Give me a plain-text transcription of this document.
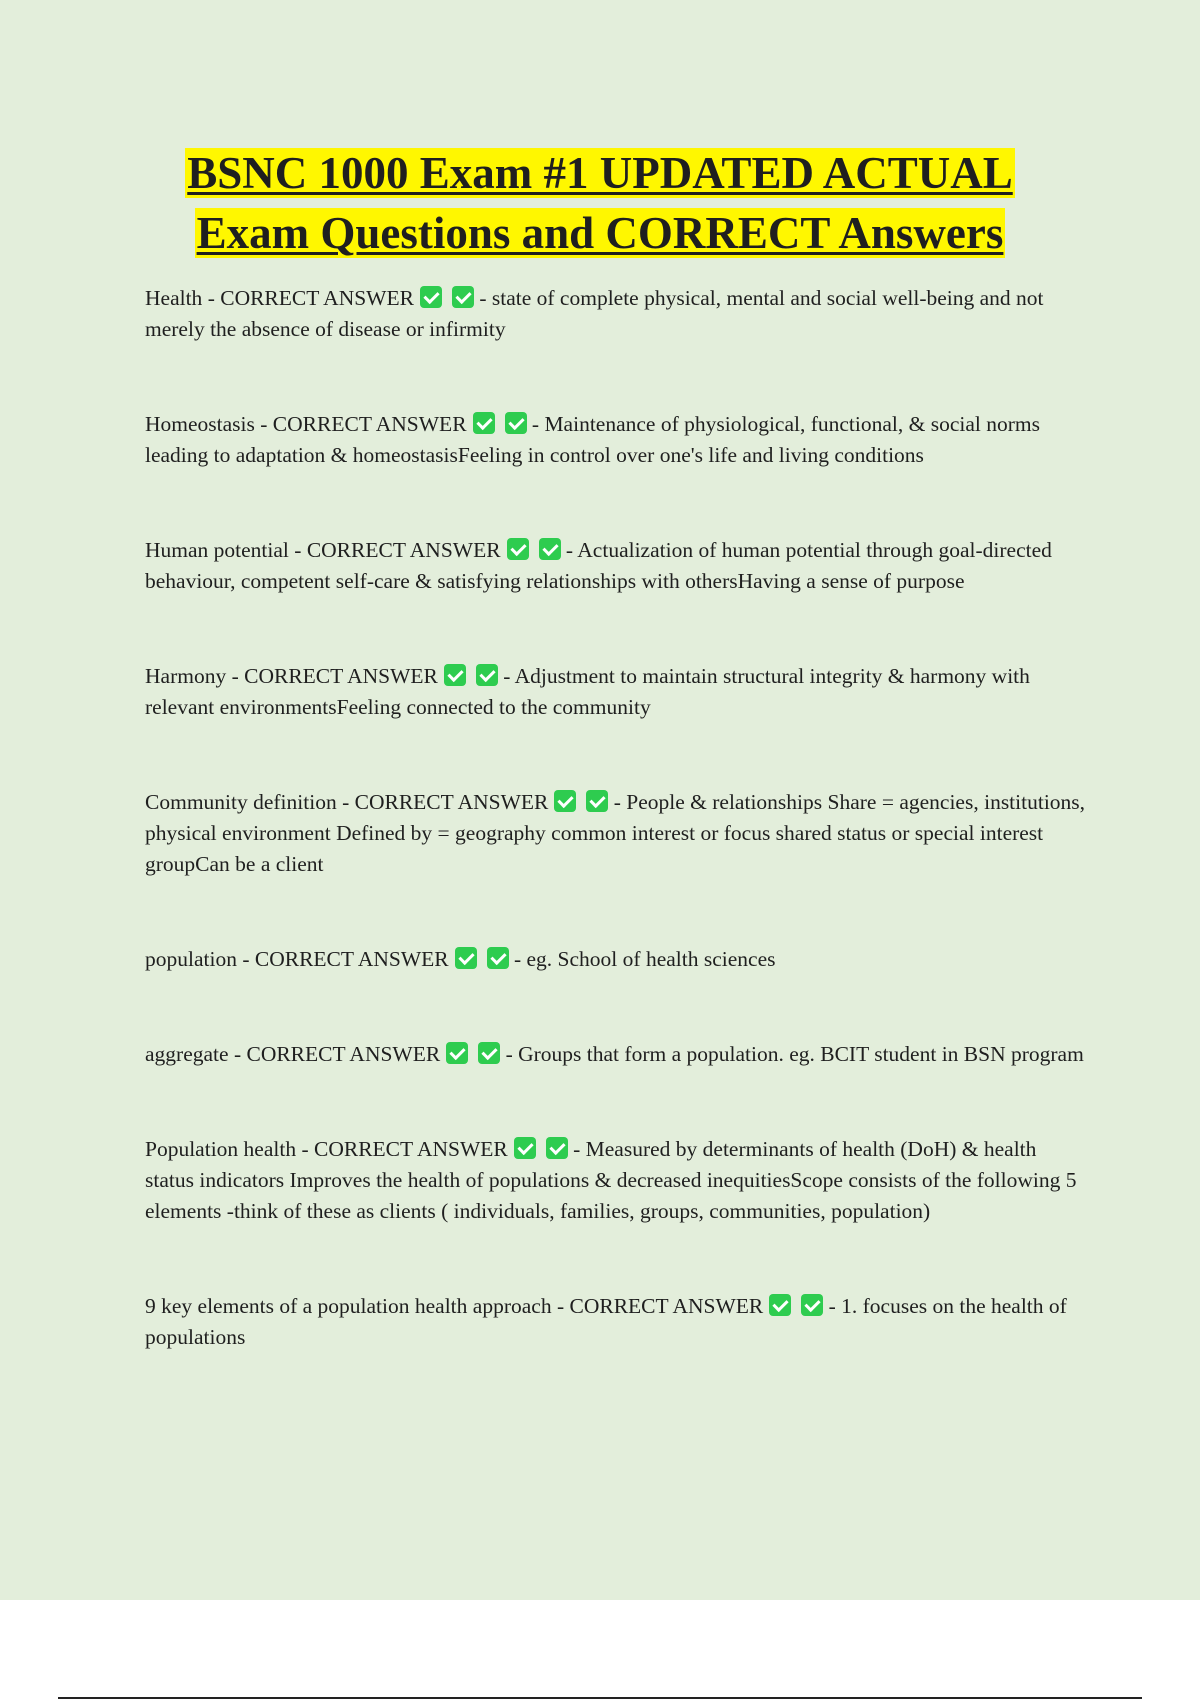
BSNC 1000 Exam #1 UPDATED ACTUAL
Exam Questions and CORRECT Answers

Health - CORRECT ANSWER	- state of complete physical, mental and social well-being and not merely the absence of disease or infirmity

Homeostasis - CORRECT ANSWER	- Maintenance of physiological, functional, & social norms leading to adaptation & homeostasisFeeling in control over one's life and living conditions

Human potential - CORRECT ANSWER	- Actualization of human potential through goal-directed behaviour, competent self-care & satisfying relationships with othersHaving a sense of purpose

Harmony - CORRECT ANSWER	- Adjustment to maintain structural integrity & harmony with relevant environmentsFeeling connected to the community

Community definition - CORRECT ANSWER	- People & relationships Share = agencies, institutions, physical environment Defined by = geography common interest or focus shared status or special interest groupCan be a client

population - CORRECT ANSWER	- eg. School of health sciences

aggregate - CORRECT ANSWER	- Groups that form a population. eg. BCIT student in BSN program

Population health - CORRECT ANSWER	- Measured by determinants of health (DoH) & health status indicators Improves the health of populations & decreased inequitiesScope consists of the following 5 elements -think of these as clients ( individuals, families, groups, communities, population)

9 key elements of a population health approach - CORRECT ANSWER	- 1. focuses on the health of populations
